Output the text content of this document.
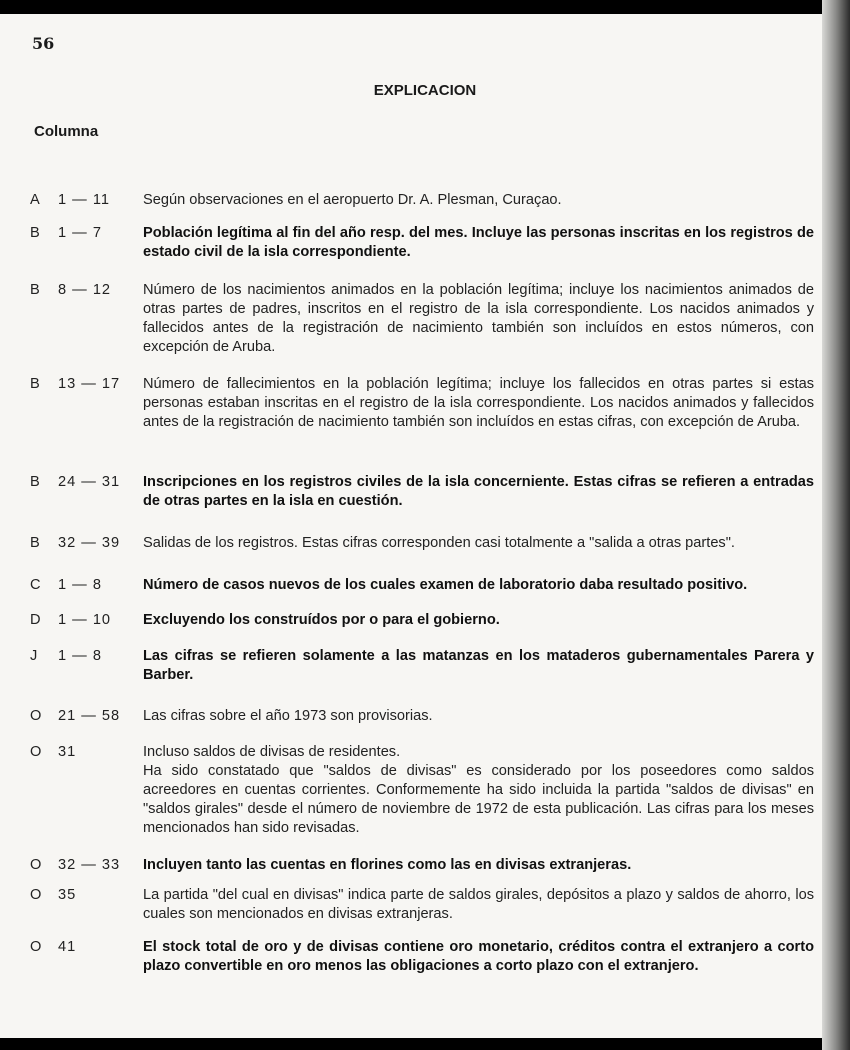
56
EXPLICACION
Columna
A 1 — 11	Según observaciones en el aeropuerto Dr. A. Plesman, Curaçao.
B 1 — 7	Población legítima al fin del año resp. del mes. Incluye las personas inscritas en los registros de estado civil de la isla correspondiente.
B 8 — 12	Número de los nacimientos animados en la población legítima; incluye los nacimientos animados de otras partes de padres, inscritos en el registro de la isla correspondiente. Los nacidos animados y fallecidos antes de la registración de nacimiento también son incluídos en estos números, con excepción de Aruba.
B 13 — 17	Número de fallecimientos en la población legítima; incluye los fallecidos en otras partes si estas personas estaban inscritas en el registro de la isla correspondiente. Los nacidos animados y fallecidos antes de la registración de nacimiento también son incluídos en estas cifras, con excepción de Aruba.
B 24 — 31	Inscripciones en los registros civiles de la isla concerniente. Estas cifras se refieren a entradas de otras partes en la isla en cuestión.
B 32 — 39	Salidas de los registros. Estas cifras corresponden casi totalmente a "salida a otras partes".
C 1 — 8	Número de casos nuevos de los cuales examen de laboratorio daba resultado positivo.
D 1 — 10	Excluyendo los construídos por o para el gobierno.
J	1 — 8	Las cifras se refieren solamente a las matanzas en los mataderos gubernamentales Parera y Barber.
O 21 — 58	Las cifras sobre el año 1973 son provisorias.
O 31	Incluso saldos de divisas de residentes.
Ha sido constatado que "saldos de divisas" es considerado por los poseedores como saldos acreedores en cuentas corrientes. Conformemente ha sido incluida la partida "saldos de divisas" en "saldos girales" desde el número de noviembre de 1972 de esta publicación. Las cifras para los meses mencionados han sido revisadas.
O 32 — 33	Incluyen tanto las cuentas en florines como las en divisas extranjeras.
O 35	La partida "del cual en divisas" indica parte de saldos girales, depósitos a plazo y saldos de ahorro, los cuales son mencionados en divisas extranjeras.
O 41	El stock total de oro y de divisas contiene oro monetario, créditos contra el extranjero a corto plazo convertible en oro menos las obligaciones a corto plazo con el extranjero.
